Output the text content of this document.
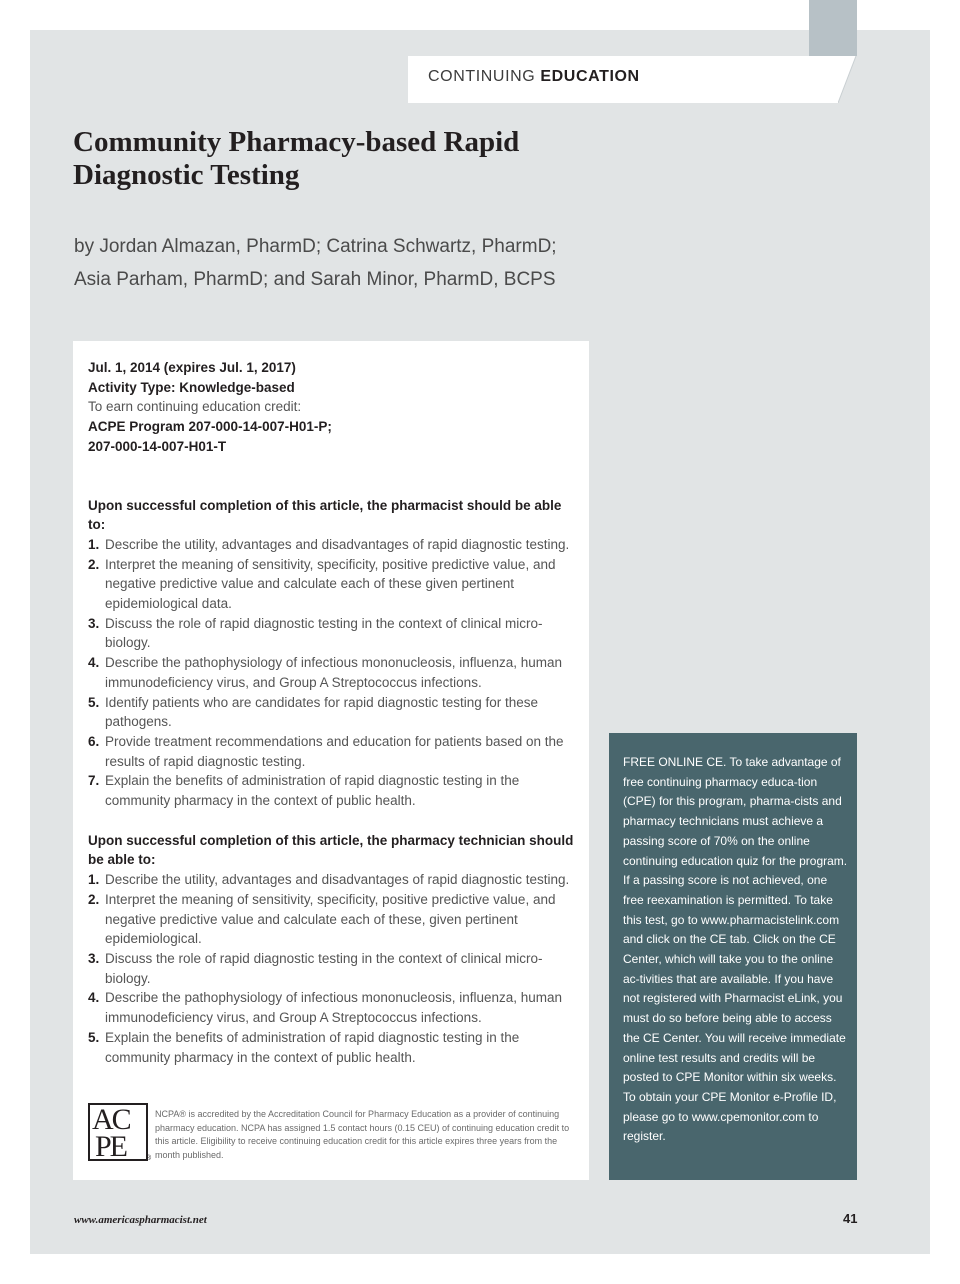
CONTINUING EDUCATION
Community Pharmacy-based Rapid Diagnostic Testing
by Jordan Almazan, PharmD; Catrina Schwartz, PharmD;
Asia Parham, PharmD; and Sarah Minor, PharmD, BCPS
Jul. 1, 2014 (expires Jul. 1, 2017)
Activity Type: Knowledge-based
To earn continuing education credit:
ACPE Program 207-000-14-007-H01-P;
207-000-14-007-H01-T
Upon successful completion of this article, the pharmacist should be able to:
1. Describe the utility, advantages and disadvantages of rapid diagnostic testing.
2. Interpret the meaning of sensitivity, specificity, positive predictive value, and negative predictive value and calculate each of these given pertinent epidemiological data.
3. Discuss the role of rapid diagnostic testing in the context of clinical micro-biology.
4. Describe the pathophysiology of infectious mononucleosis, influenza, human immunodeficiency virus, and Group A Streptococcus infections.
5. Identify patients who are candidates for rapid diagnostic testing for these pathogens.
6. Provide treatment recommendations and education for patients based on the results of rapid diagnostic testing.
7. Explain the benefits of administration of rapid diagnostic testing in the community pharmacy in the context of public health.
Upon successful completion of this article, the pharmacy technician should be able to:
1. Describe the utility, advantages and disadvantages of rapid diagnostic testing.
2. Interpret the meaning of sensitivity, specificity, positive predictive value, and negative predictive value and calculate each of these, given pertinent epidemiological.
3. Discuss the role of rapid diagnostic testing in the context of clinical micro-biology.
4. Describe the pathophysiology of infectious mononucleosis, influenza, human immunodeficiency virus, and Group A Streptococcus infections.
5. Explain the benefits of administration of rapid diagnostic testing in the community pharmacy in the context of public health.
AC
PE	®
NCPA® is accredited by the Accreditation Council for Pharmacy Education as a provider of continuing pharmacy education. NCPA has assigned 1.5 contact hours (0.15 CEU) of continuing education credit to this article. Eligibility to receive continuing education credit for this article expires three years from the month published.
FREE ONLINE CE. To take advantage of free continuing pharmacy educa-tion (CPE) for this program, pharma-cists and pharmacy technicians must achieve a passing score of 70% on the online continuing education quiz for the program. If a passing score is not achieved, one free reexamination is permitted. To take this test, go to www.pharmacistelink.com and click on the CE tab. Click on the CE Center, which will take you to the online ac-tivities that are available. If you have not registered with Pharmacist eLink, you must do so before being able to access the CE Center. You will receive immediate online test results and credits will be posted to CPE Monitor within six weeks. To obtain your CPE Monitor e-Profile ID, please go to www.cpemonitor.com to register.
www.americaspharmacist.net	41
